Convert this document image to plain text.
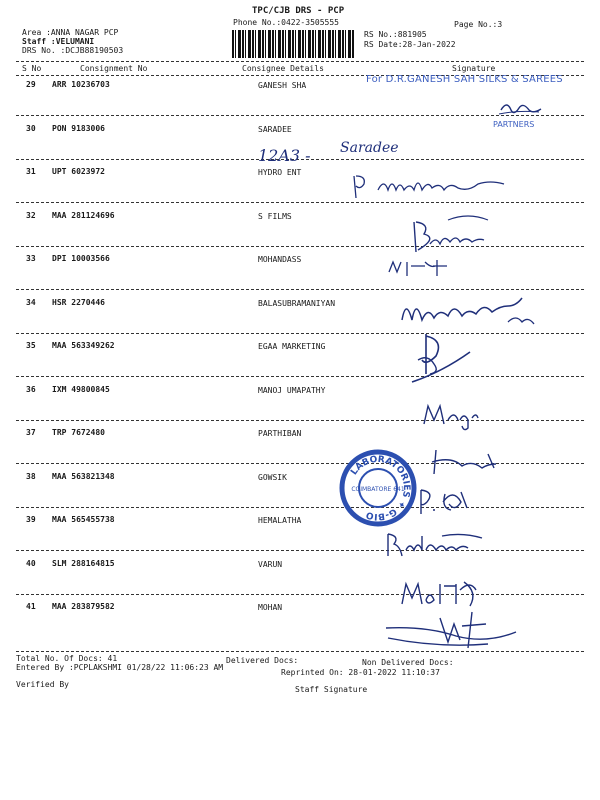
TPC/CJB DRS - PCP
Phone No.:0422-3505555	Page No.:3
Area :ANNA NAGAR PCP
Staff :VELUMANI
DRS No. :DCJB88190503
RS No.:881905
RS Date:28-Jan-2022
S No	Consignment No	Consignee Details	Signature
29 ARR 10236703	GANESH SHA
30 PON 9183006	SARADEE
31 UPT 6023972	HYDRO ENT
32 MAA 281124696	S FILMS
33 DPI 10003566	MOHANDASS
34 HSR 2270446	BALASUBRAMANIYAN
35 MAA 563349262	EGAA MARKETING
36 IXM 49800845	MANOJ UMAPATHY
37 TRP 7672480	PARTHIBAN
38 MAA 563821348	GOWSIK
39 MAA 565455738	HEMALATHA
40 SLM 288164815	VARUN
41 MAA 283879582	MOHAN
For D.R.GANESH SAH SILKS & SAREES
PARTNERS
12A3 - Saradee
LABORATORIES ✦ G-BIO
COIMBATORE 641
Total No. Of Docs: 41	Delivered Docs:	Non Delivered Docs:
Entered By :PCPLAKSHMI 01/28/22 11:06:23 AM
Reprinted On: 28-01-2022 11:10:37
Verified By
Staff Signature
